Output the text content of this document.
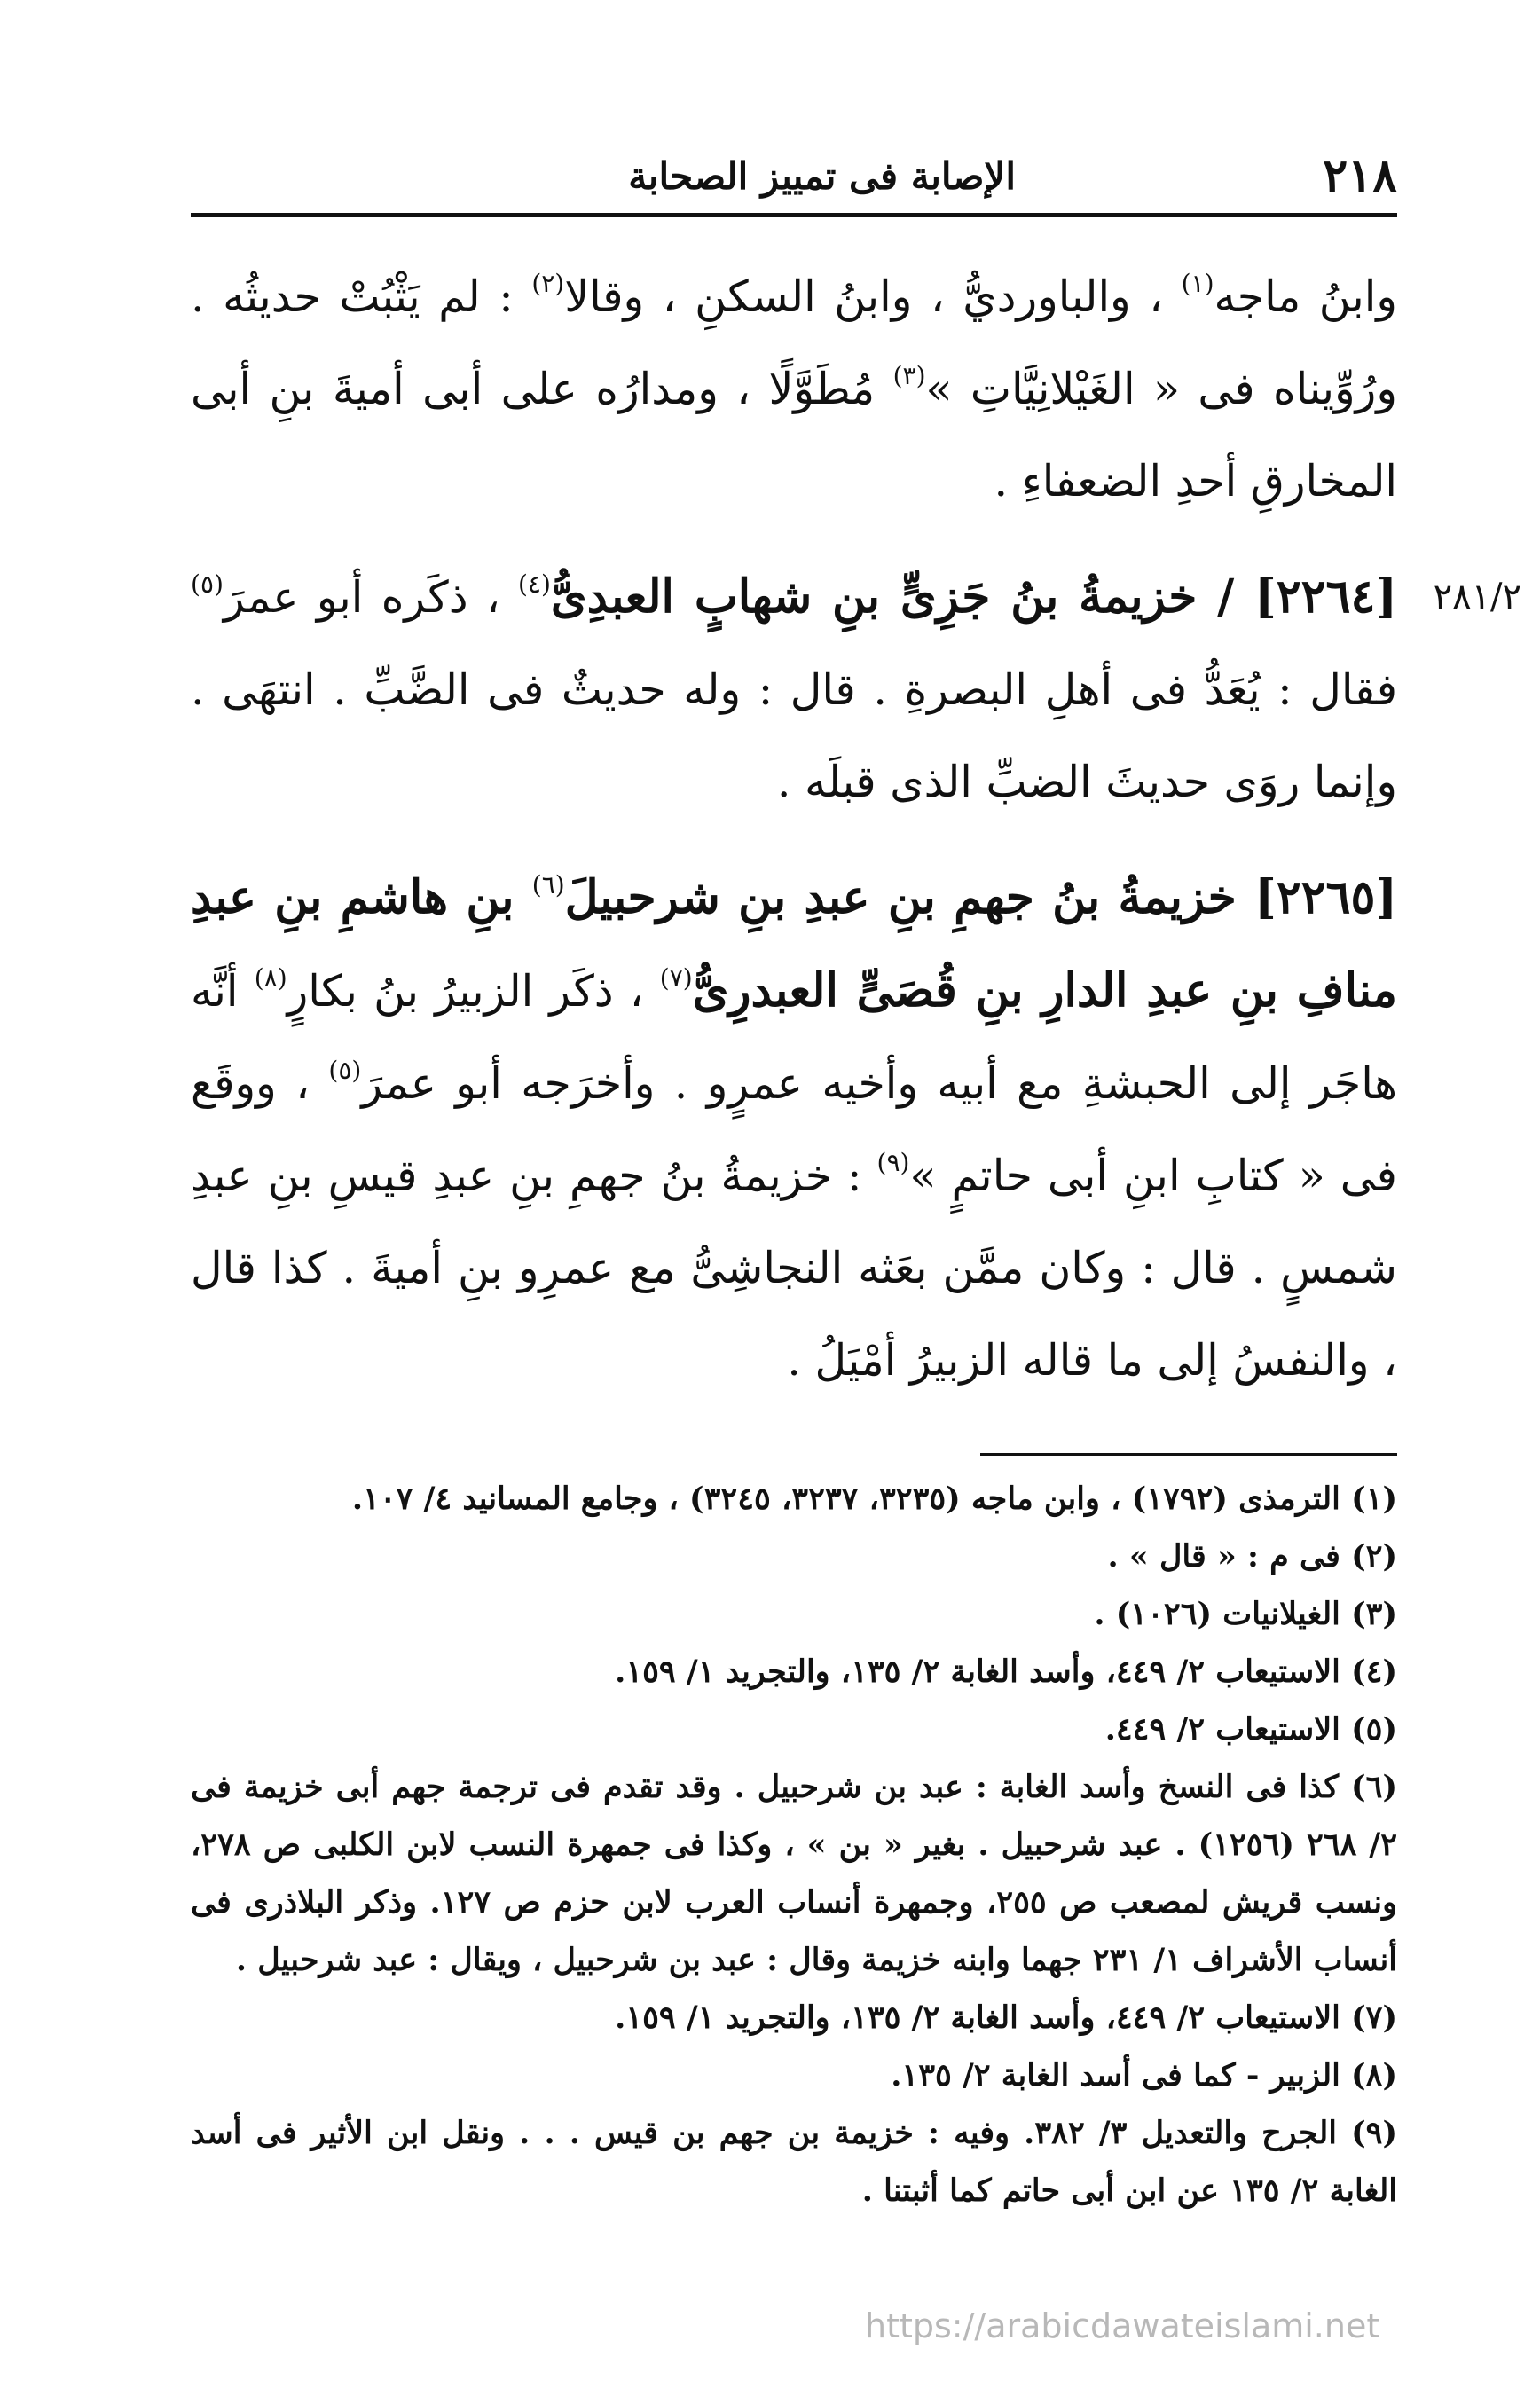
٢١٨
الإصابة فى تمييز الصحابة

وابنُ ماجه$^{(١)}$ ، والباورديُّ ، وابنُ السكنِ ، وقالا$^{(٢)}$ : لم يَثْبُتْ حديثُه . ورُوِّيناه فى « الغَيْلانِيَّاتِ »$^{(٣)}$ مُطَوَّلًا ، ومدارُه على أبى أميةَ بنِ أبى المخارقِ أحدِ الضعفاءِ .

٢٨١/٢
[٢٢٦٤] / خزيمةُ بنُ جَزِىٍّ بنِ شهابٍ العبدِىُّ$^{(٤)}$ ، ذكَره أبو عمرَ$^{(٥)}$ فقال : يُعَدُّ فى أهلِ البصرةِ . قال : وله حديثٌ فى الضَّبِّ . انتهَى . وإنما روَى حديثَ الضبِّ الذى قبلَه .

[٢٢٦٥] خزيمةُ بنُ جهمِ بنِ عبدِ بنِ شرحبيلَ$^{(٦)}$ بنِ هاشمِ بنِ عبدِ منافِ بنِ عبدِ الدارِ بنِ قُصَىٍّ العبدرِىُّ$^{(٧)}$ ، ذكَر الزبيرُ بنُ بكارٍ$^{(٨)}$ أنَّه هاجَر إلى الحبشةِ مع أبيه وأخيه عمرٍو . وأخرَجه أبو عمرَ$^{(٥)}$ ، ووقَع فى « كتابِ ابنِ أبى حاتمٍ »$^{(٩)}$ : خزيمةُ بنُ جهمِ بنِ عبدِ قيسِ بنِ عبدِ شمسٍ . قال : وكان ممَّن بعَثه النجاشِىُّ مع عمرِو بنِ أميةَ . كذا قال ، والنفسُ إلى ما قاله الزبيرُ أمْيَلُ .

(١) الترمذى (١٧٩٢) ، وابن ماجه (٣٢٣٥، ٣٢٣٧، ٣٢٤٥) ، وجامع المسانيد ٤/ ١٠٧.

(٢) فى م : « قال » .

(٣) الغيلانيات (١٠٢٦) .

(٤) الاستيعاب ٢/ ٤٤٩، وأسد الغابة ٢/ ١٣٥، والتجريد ١/ ١٥٩.

(٥) الاستيعاب ٢/ ٤٤٩.

(٦) كذا فى النسخ وأسد الغابة : عبد بن شرحبيل . وقد تقدم فى ترجمة جهم أبى خزيمة فى ٢/ ٢٦٨ (١٢٥٦) . عبد شرحبيل . بغير « بن » ، وكذا فى جمهرة النسب لابن الكلبى ص ٢٧٨، ونسب قريش لمصعب ص ٢٥٥، وجمهرة أنساب العرب لابن حزم ص ١٢٧. وذكر البلاذرى فى أنساب الأشراف ١/ ٢٣١ جهما وابنه خزيمة وقال : عبد بن شرحبيل ، ويقال : عبد شرحبيل .

(٧) الاستيعاب ٢/ ٤٤٩، وأسد الغابة ٢/ ١٣٥، والتجريد ١/ ١٥٩.

(٨) الزبير - كما فى أسد الغابة ٢/ ١٣٥.

(٩) الجرح والتعديل ٣/ ٣٨٢. وفيه : خزيمة بن جهم بن قيس . . . ونقل ابن الأثير فى أسد الغابة ٢/ ١٣٥ عن ابن أبى حاتم كما أثبتنا .

https://arabicdawateislami.net
